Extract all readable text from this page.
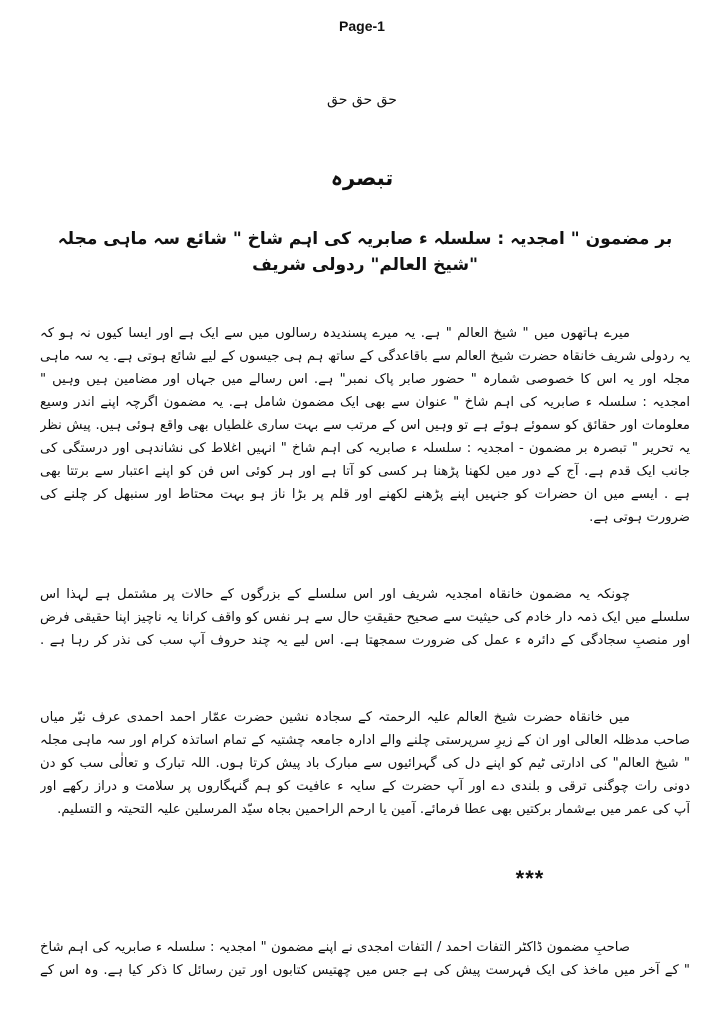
Page-1
حق حق حق
تبصرہ
بر مضمون " امجدیہ : سلسلہ ء صابریہ کی اہم شاخ " شائع سہ ماہی مجلہ "شیخ العالم" ردولی شریف
میرے ہاتھوں میں " شیخ العالم " ہے. یہ میرے پسندیدہ رسالوں میں سے ایک ہے اور ایسا کیوں نہ ہو کہ
یہ ردولی شریف خانقاہ حضرت شیخ العالم سے باقاعدگی کے ساتھ ہم ہی جیسوں کے لیے شائع ہوتی ہے. یہ سہ ماہی
مجلہ اور یہ اس کا خصوصی شمارہ " حضور صابر پاک نمبر" ہے. اس رسالے میں جہاں اور مضامین ہیں وہیں "
امجدیہ : سلسلہ ء صابریہ کی اہم شاخ " عنوان سے بھی ایک مضمون شامل ہے. یہ مضمون اگرچہ اپنے اندر وسیع
معلومات اور حقائق کو سموئے ہوئے ہے تو وہیں اس کے مرتب سے بہت ساری غلطیاں بھی واقع ہوئی ہیں. پیش نظر
یہ تحریر " تبصرہ بر مضمون - امجدیہ : سلسلہ ء صابریہ کی اہم شاخ " انہیں اغلاط کی نشاندہی اور درستگی کی
جانب ایک قدم ہے. آج کے دور میں لکھنا پڑھنا ہر کسی کو آتا ہے اور ہر کوئی اس فن کو اپنے اعتبار سے برتتا بھی
ہے . ایسے میں ان حضرات کو جنہیں اپنے پڑھنے لکھنے اور قلم پر بڑا ناز ہو بہت محتاط اور سنبھل کر چلنے کی
ضرورت ہوتی ہے.
چونکہ یہ مضمون خانقاہ امجدیہ شریف اور اس سلسلے کے بزرگوں کے حالات پر مشتمل ہے لہذا اس
سلسلے میں ایک ذمہ دار خادم کی حیثیت سے صحیح حقیقتِ حال سے ہر نفس کو واقف کرانا یہ ناچیز اپنا حقیقی فرض
اور منصبِ سجادگی کے دائرہ ء عمل کی ضرورت سمجھتا ہے. اس لیے یہ چند حروف آپ سب کی نذر کر رہا ہے .
میں خانقاہ حضرت شیخ العالم علیہ الرحمتہ کے سجادہ نشین حضرت عمّار احمد احمدی عرف نیّر میاں
صاحب مدظلہ العالی اور ان کے زیرِ سرپرستی چلنے والے ادارہ جامعہ چشتیہ کے تمام اساتذہ کرام اور سہ ماہی مجلہ
" شیخ العالم" کی ادارتی ٹیم کو اپنے دل کی گہرائیوں سے مبارک باد پیش کرتا ہوں. اللہ تبارک و تعالٰی سب کو دن
دونی رات چوگنی ترقی و بلندی دے اور آپ حضرت کے سایہ ء عافیت کو ہم گنہگاروں پر سلامت و دراز رکھے اور
آپ کی عمر میں بےشمار برکتیں بھی عطا فرمائے. آمین یا ارحم الراحمین بجاہ سیّد المرسلین علیہ التحیتہ و التسلیم.
***
صاحبِ مضمون ڈاکٹر التفات احمد / التفات امجدی نے اپنے مضمون " امجدیہ : سلسلہ ء صابریہ کی اہم شاخ
" کے آخر میں ماخذ کی ایک فہرست پیش کی ہے جس میں چھتیس کتابوں اور تین رسائل کا ذکر کیا ہے. وہ اس کے
